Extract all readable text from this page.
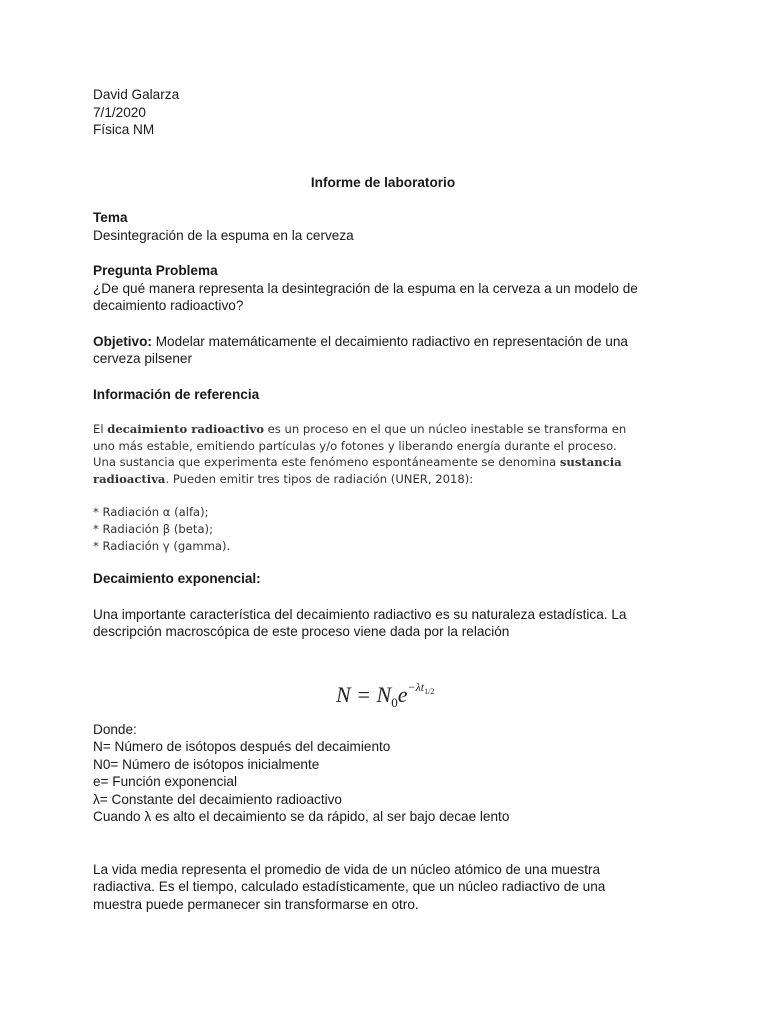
David Galarza
7/1/2020
Física NM
Informe de laboratorio
Tema
Desintegración de la espuma en la cerveza
Pregunta Problema
¿De qué manera representa la desintegración de la espuma en la cerveza a un modelo de
decaimiento radioactivo?
Objetivo: Modelar matemáticamente el decaimiento radiactivo en representación de una
cerveza pilsener
Información de referencia
El decaimiento radioactivo es un proceso en el que un núcleo inestable se transforma en
uno más estable, emitiendo partículas y/o fotones y liberando energía durante el proceso.
Una sustancia que experimenta este fenómeno espontáneamente se denomina sustancia
radioactiva. Pueden emitir tres tipos de radiación (UNER, 2018):
* Radiación α (alfa);
* Radiación β (beta);
* Radiación γ (gamma).
Decaimiento exponencial:
Una importante característica del decaimiento radiactivo es su naturaleza estadística. La
descripción macroscópica de este proceso viene dada por la relación
Donde:
N= Número de isótopos después del decaimiento
N0= Número de isótopos inicialmente
e= Función exponencial
λ= Constante del decaimiento radioactivo
Cuando λ es alto el decaimiento se da rápido, al ser bajo decae lento
La vida media representa el promedio de vida de un núcleo atómico de una muestra
radiactiva. Es el tiempo, calculado estadísticamente, que un núcleo radiactivo de una
muestra puede permanecer sin transformarse en otro.
$N = N_0e^{-\lambda t_{1/2}}$
